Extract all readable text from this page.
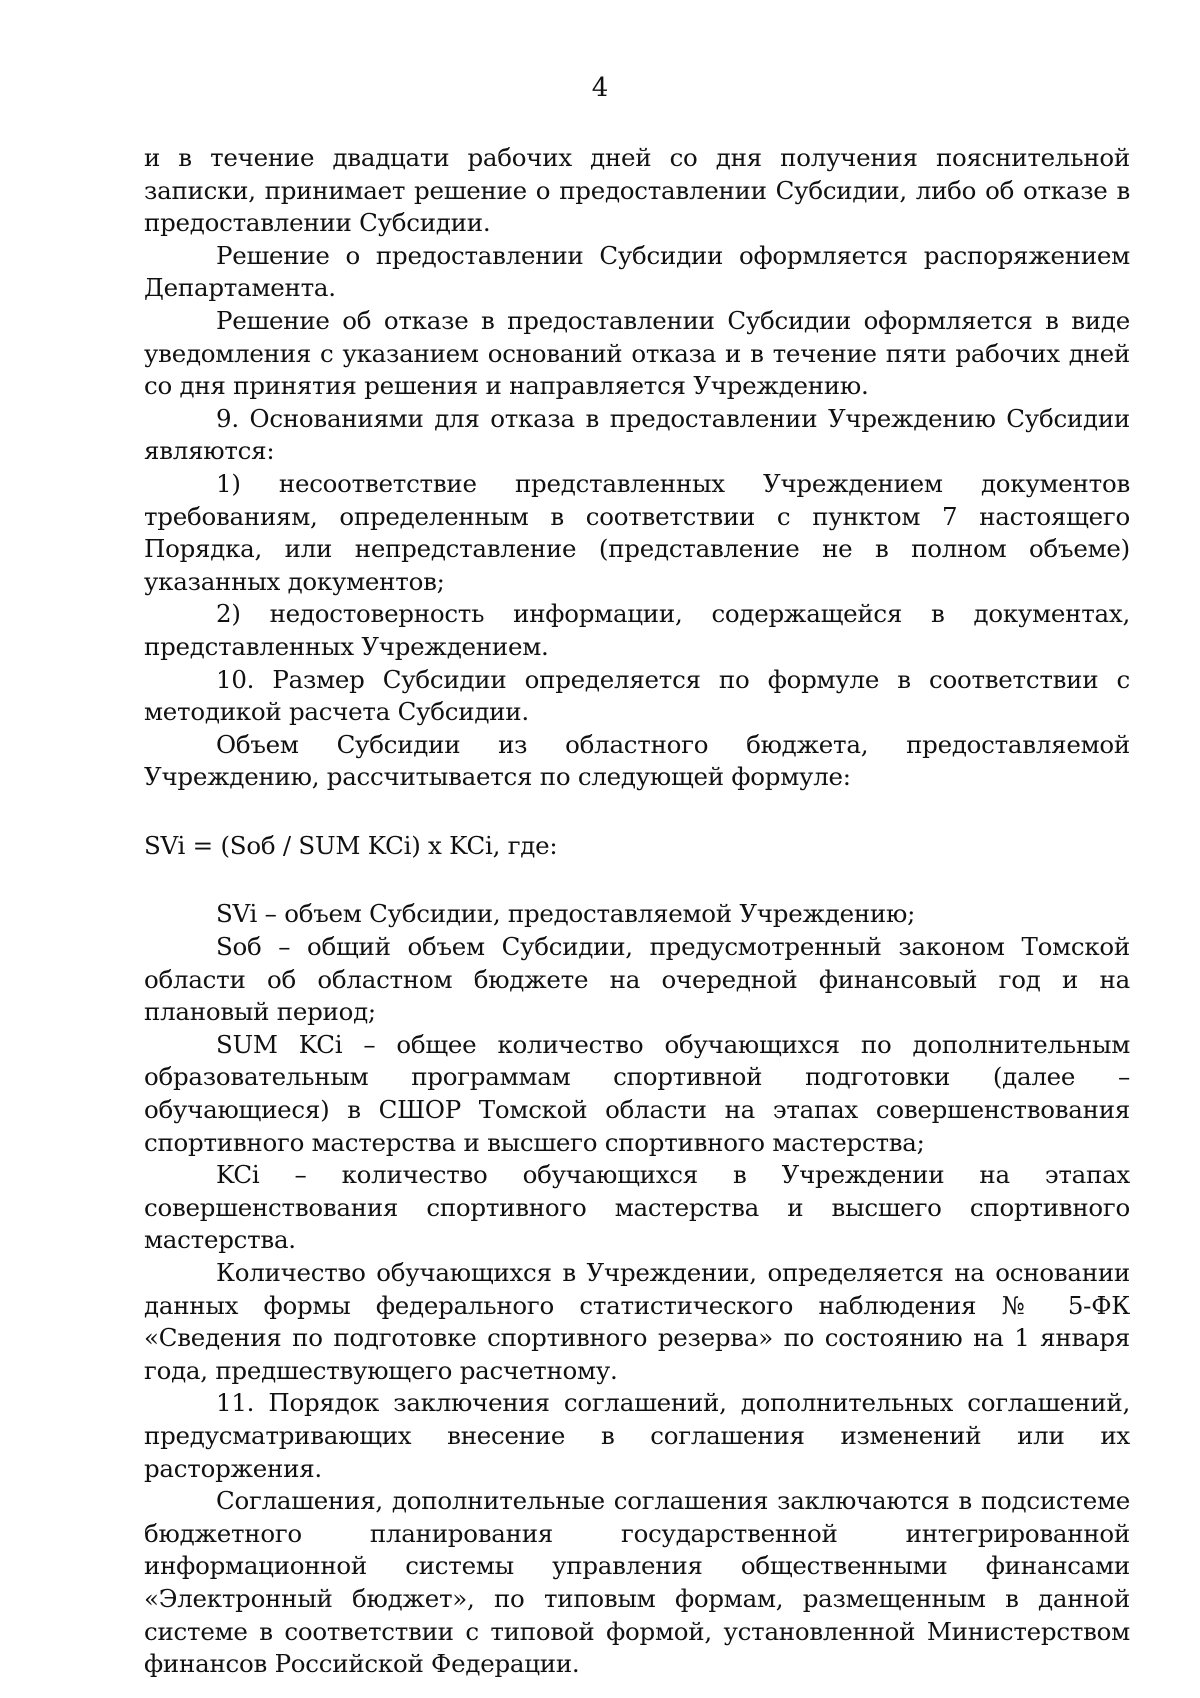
4

и в течение двадцати рабочих дней со дня получения пояснительной записки, принимает решение о предоставлении Субсидии, либо об отказе в предоставлении Субсидии.

Решение о предоставлении Субсидии оформляется распоряжением Департамента.

Решение об отказе в предоставлении Субсидии оформляется в виде уведомления с указанием оснований отказа и в течение пяти рабочих дней со дня принятия решения и направляется Учреждению.

9. Основаниями для отказа в предоставлении Учреждению Субсидии являются:

1) несоответствие представленных Учреждением документов требованиям, определенным в соответствии с пунктом 7 настоящего Порядка, или непредставление (представление не в полном объеме) указанных документов;

2) недостоверность информации, содержащейся в документах, представленных Учреждением.

10. Размер Субсидии определяется по формуле в соответствии с методикой расчета Субсидии.

Объем Субсидии из областного бюджета, предоставляемой Учреждению, рассчитывается по следующей формуле:

SVi = (Sоб / SUM KCi) x KCi, где:

SVi – объем Субсидии, предоставляемой Учреждению;

Sоб – общий объем Субсидии, предусмотренный законом Томской области об областном бюджете на очередной финансовый год и на плановый период;

SUM KCi – общее количество обучающихся по дополнительным образовательным программам спортивной подготовки (далее – обучающиеся) в СШОР Томской области на этапах совершенствования спортивного мастерства и высшего спортивного мастерства;

KCi – количество обучающихся в Учреждении на этапах совершенствования спортивного мастерства и высшего спортивного мастерства.

Количество обучающихся в Учреждении, определяется на основании данных формы федерального статистического наблюдения № 5-ФК «Сведения по подготовке спортивного резерва» по состоянию на 1 января года, предшествующего расчетному.

11. Порядок заключения соглашений, дополнительных соглашений, предусматривающих внесение в соглашения изменений или их расторжения.

Соглашения, дополнительные соглашения заключаются в подсистеме бюджетного планирования государственной интегрированной информационной системы управления общественными финансами «Электронный бюджет», по типовым формам, размещенным в данной системе в соответствии с типовой формой, установленной Министерством финансов Российской Федерации.
